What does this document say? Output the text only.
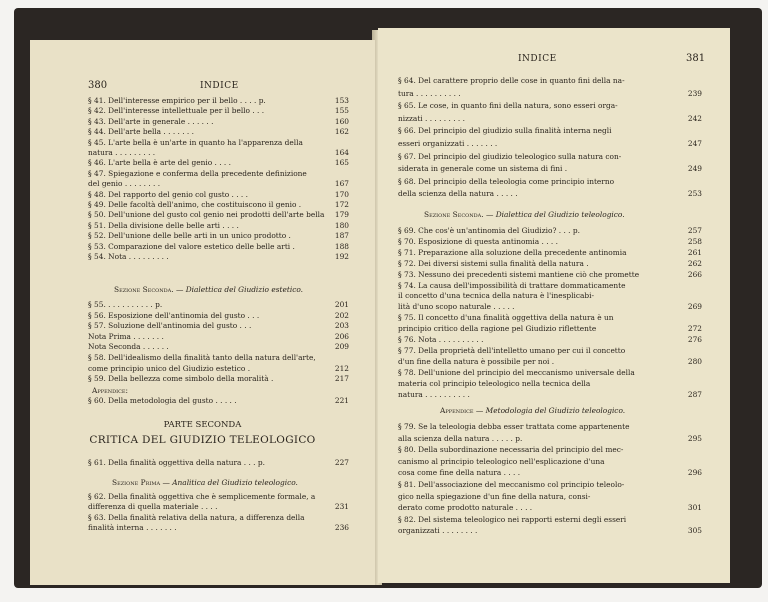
380	INDICE
§ 41. Dell'interesse empirico per il bello . . . . p.	153
§ 42. Dell'interesse intellettuale per il bello . . .	155
§ 43. Dell'arte in generale . . . . . .	160
§ 44. Dell'arte bella . . . . . . .	162
§ 45. L'arte bella è un'arte in quanto ha l'apparenza della
natura . . . . . . . . .	164
§ 46. L'arte bella è arte del genio . . . .	165
§ 47. Spiegazione e conferma della precedente definizione
del genio . . . . . . . .	167
§ 48. Del rapporto del genio col gusto . . . .	170
§ 49. Delle facoltà dell'animo, che costituiscono il genio .	172
§ 50. Dell'unione del gusto col genio nei prodotti dell'arte bella 179
§ 51. Della divisione delle belle arti . . . .	180
§ 52. Dell'unione delle belle arti in un unico prodotto .	187
§ 53. Comparazione del valore estetico delle belle arti .	188
§ 54. Nota . . . . . . . . .	192
Sezione Seconda. — Dialettica del Giudizio estetico.
§ 55. . . . . . . . . . . p.	201
§ 56. Esposizione dell'antinomia del gusto . . .	202
§ 57. Soluzione dell'antinomia del gusto . . .	203
Nota Prima . . . . . . .	206
Nota Seconda . . . . . .	209
§ 58. Dell'idealismo della finalità tanto della natura dell'arte,
come principio unico del Giudizio estetico .	212
§ 59. Della bellezza come simbolo della moralità .	217
Appendice:
§ 60. Della metodologia del gusto . . . . .	221
PARTE SECONDA
CRITICA DEL GIUDIZIO TELEOLOGICO
§ 61. Della finalità oggettiva della natura . . . p.	227
Sezione Prima — Analitica del Giudizio teleologico.
§ 62. Della finalità oggettiva che è semplicemente formale, a
differenza di quella materiale . . . .	231
§ 63. Della finalità relativa della natura, a differenza della
finalità interna . . . . . . .	236
INDICE	381
§ 64. Del carattere proprio delle cose in quanto fini della na-
tura . . . . . . . . . .	239
§ 65. Le cose, in quanto fini della natura, sono esseri orga-
nizzati . . . . . . . . .	242
§ 66. Del principio del giudizio sulla finalità interna negli
esseri organizzati . . . . . . .	247
§ 67. Del principio del giudizio teleologico sulla natura con-
siderata in generale come un sistema di fini .	249
§ 68. Del principio della teleologia come principio interno
della scienza della natura . . . . .	253
Sezione Seconda. — Dialettica del Giudizio teleologico.
§ 69. Che cos'è un'antinomia del Giudizio? . . . p.	257
§ 70. Esposizione di questa antinomia . . . .	258
§ 71. Preparazione alla soluzione della precedente antinomia	261
§ 72. Dei diversi sistemi sulla finalità della natura .	262
§ 73. Nessuno dei precedenti sistemi mantiene ciò che promette	266
§ 74. La causa dell'impossibilità di trattare dommaticamente
il concetto d'una tecnica della natura è l'inesplicabi-
lità d'uno scopo naturale . . . . .	269
§ 75. Il concetto d'una finalità oggettiva della natura è un
principio critico della ragione pel Giudizio riflettente	272
§ 76. Nota . . . . . . . . . .	276
§ 77. Della proprietà dell'intelletto umano per cui il concetto
d'un fine della natura è possibile per noi .	280
§ 78. Dell'unione del principio del meccanismo universale della
materia col principio teleologico nella tecnica della
natura . . . . . . . . . .	287
Appendice — Metodologia del Giudizio teleologico.
§ 79. Se la teleologia debba esser trattata come appartenente
alla scienza della natura . . . . . p.	295
§ 80. Della subordinazione necessaria del principio del mec-
canismo al principio teleologico nell'esplicazione d'una
cosa come fine della natura . . . .	296
§ 81. Dell'associazione del meccanismo col principio teleolo-
gico nella spiegazione d'un fine della natura, consi-
derato come prodotto naturale . . . .	301
§ 82. Del sistema teleologico nei rapporti esterni degli esseri
organizzati . . . . . . . .	305
